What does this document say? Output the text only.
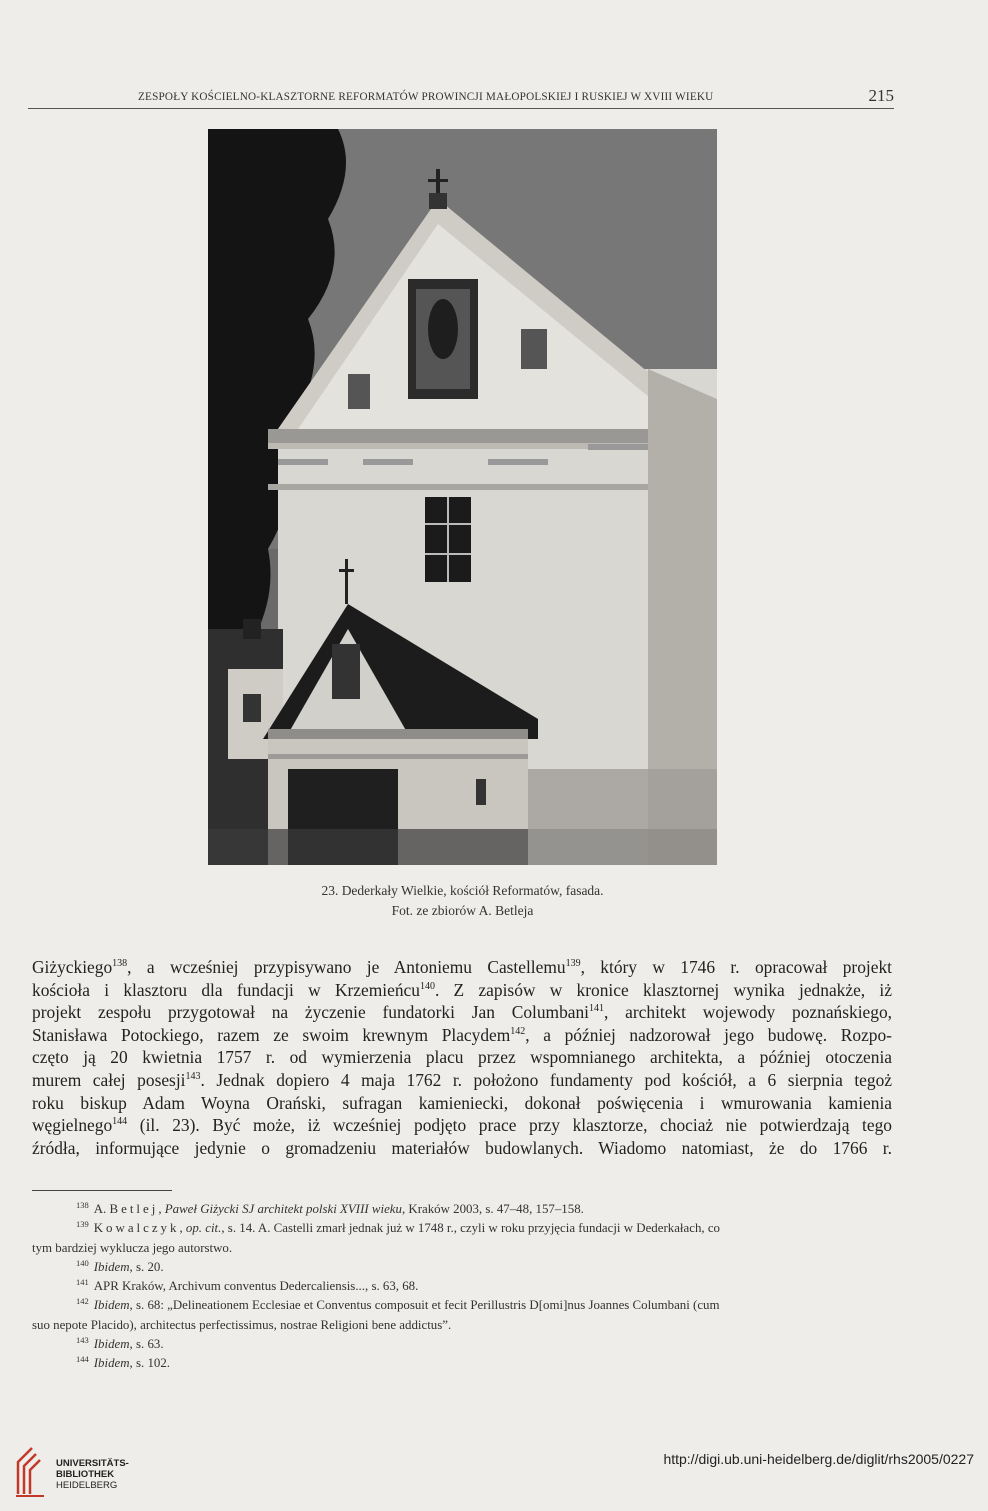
ZESPOŁY KOŚCIELNO-KLASZTORNE REFORMATÓW PROWINCJI MAŁOPOLSKIEJ I RUSKIEJ W XVIII WIEKU	215
23. Dederkały Wielkie, kościół Reformatów, fasada.
Fot. ze zbiorów A. Betleja
Giżyckiego$^{138}$, a wcześniej przypisywano je Antoniemu Castellemu$^{139}$, który w 1746 r. opracował projekt
kościoła i klasztoru dla fundacji w Krzemieńcu$^{140}$. Z zapisów w kronice klasztornej wynika jednakże, iż
projekt zespołu przygotował na życzenie fundatorki Jan Columbani$^{141}$, architekt wojewody poznańskiego,
Stanisława Potockiego, razem ze swoim krewnym Placydem$^{142}$, a później nadzorował jego budowę. Rozpo-
częto ją 20 kwietnia 1757 r. od wymierzenia placu przez wspomnianego architekta, a później otoczenia
murem całej posesji$^{143}$. Jednak dopiero 4 maja 1762 r. położono fundamenty pod kościół, a 6 sierpnia tegoż
roku biskup Adam Woyna Orański, sufragan kamieniecki, dokonał poświęcenia i wmurowania kamienia
węgielnego$^{144}$ (il. 23). Być może, iż wcześniej podjęto prace przy klasztorze, chociaż nie potwierdzają tego
źródła, informujące jedynie o gromadzeniu materiałów budowlanych. Wiadomo natomiast, że do 1766 r.
$^{138}$ A. Betlej, Paweł Giżycki SJ architekt polski XVIII wieku, Kraków 2003, s. 47–48, 157–158.
$^{139}$ Kowalczyk, op. cit., s. 14. A. Castelli zmarł jednak już w 1748 r., czyli w roku przyjęcia fundacji w Dederkałach, co
tym bardziej wyklucza jego autorstwo.
$^{140}$ Ibidem, s. 20.
$^{141}$ APR Kraków, Archivum conventus Dedercaliensis..., s. 63, 68.
$^{142}$ Ibidem, s. 68: „Delineationem Ecclesiae et Conventus composuit et fecit Perillustris D[omi]nus Joannes Columbani (cum
suo nepote Placido), architectus perfectissimus, nostrae Religioni bene addictus”.
$^{143}$ Ibidem, s. 63.
$^{144}$ Ibidem, s. 102.
UNIVERSITÄTS-
BIBLIOTHEK
HEIDELBERG
http://digi.ub.uni-heidelberg.de/diglit/rhs2005/0227
